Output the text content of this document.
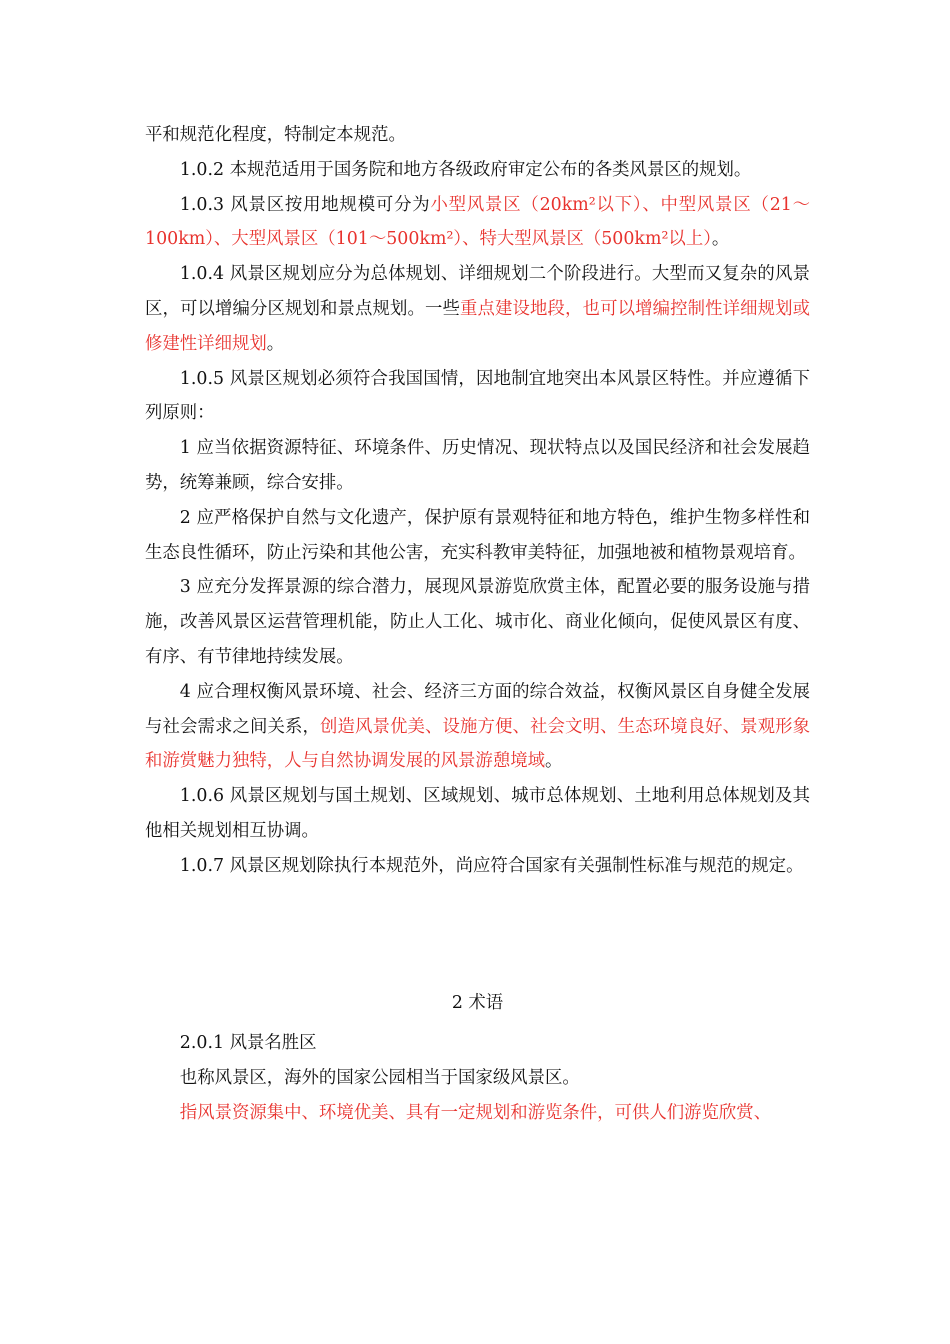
平和规范化程度，特制定本规范。

1.0.2 本规范适用于国务院和地方各级政府审定公布的各类风景区的规划。

1.0.3 风景区按用地规模可分为小型风景区（20km²以下）、中型风景区（21～100km）、大型风景区（101～500km²）、特大型风景区（500km²以上）。

1.0.4 风景区规划应分为总体规划、详细规划二个阶段进行。大型而又复杂的风景区，可以增编分区规划和景点规划。一些重点建设地段，也可以增编控制性详细规划或修建性详细规划。

1.0.5 风景区规划必须符合我国国情，因地制宜地突出本风景区特性。并应遵循下列原则：

1 应当依据资源特征、环境条件、历史情况、现状特点以及国民经济和社会发展趋势，统筹兼顾，综合安排。

2 应严格保护自然与文化遗产，保护原有景观特征和地方特色，维护生物多样性和生态良性循环，防止污染和其他公害，充实科教审美特征，加强地被和植物景观培育。

3 应充分发挥景源的综合潜力，展现风景游览欣赏主体，配置必要的服务设施与措施，改善风景区运营管理机能，防止人工化、城市化、商业化倾向，促使风景区有度、有序、有节律地持续发展。

4 应合理权衡风景环境、社会、经济三方面的综合效益，权衡风景区自身健全发展与社会需求之间关系，创造风景优美、设施方便、社会文明、生态环境良好、景观形象和游赏魅力独特，人与自然协调发展的风景游憩境域。

1.0.6 风景区规划与国土规划、区域规划、城市总体规划、土地利用总体规划及其他相关规划相互协调。

1.0.7 风景区规划除执行本规范外，尚应符合国家有关强制性标准与规范的规定。

2 术语

2.0.1 风景名胜区

也称风景区，海外的国家公园相当于国家级风景区。

指风景资源集中、环境优美、具有一定规划和游览条件，可供人们游览欣赏、
